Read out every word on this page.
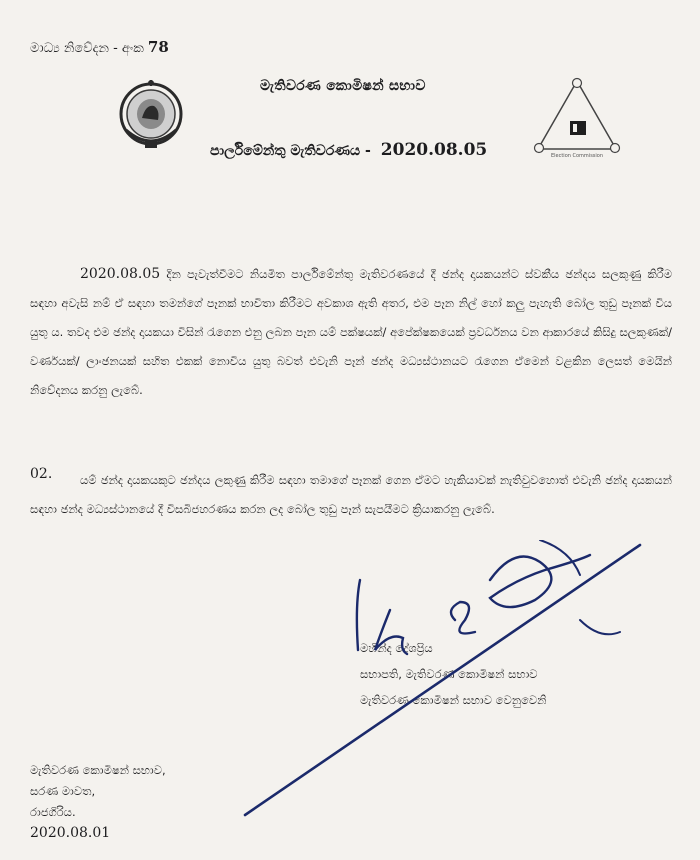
මාධ්‍ය නිවේදන - අංක 78
මැතිවරණ කොමිෂන් සභාව
Election Commission
පාර්ලිමේන්තු මැතිවරණය - 2020.08.05
2020.08.05 දින පැවැත්වීමට නියමිත පාර්ලිමේන්තු මැතිවරණයේ දී ඡන්ද දායකයන්ට ස්වකීය ඡන්දය සලකුණු කිරීම සඳහා අවැසි නම් ඒ සඳහා තමන්ගේ පෑනක් භාවිතා කිරීමට අවකාශ ඇති අතර, එම පෑන නිල් හෝ කලු පැහැති බෝල තුඩු පෑනක් විය යුතු ය. තවද එම ඡන්ද දායකයා විසින් රැගෙන එනු ලබන පෑන යම් පක්ෂයක්/ අපේක්ෂකයෙක් ප්‍රවර්ධනය වන ආකාරයේ කිසිදු සලකුණක්/ වර්ණයක්/ ලාංඡනයක් සහිත එකක් නොවිය යුතු බවත් එවැනි පෑන් ඡන්ද මධ්‍යස්ථානයට රැගෙන ඒමෙන් වළකින ලෙසත් මෙයින් නිවේදනය කරනු ලැබේ.
02.	යම් ඡන්ද දායකයකුට ඡන්දය ලකුණු කිරීම සඳහා තමාගේ පෑනක් ගෙන ඒමට හැකියාවක් නැතිවුවහොත් එවැනි ඡන්ද දායකයන් සඳහා ඡන්ද මධ්‍යස්ථානයේ දී විසබිජහරණය කරන ලද බෝල තුඩු පෑන් සැපයීමට ක්‍රියාකරනු ලැබේ.
මහින්ද දේශප්‍රිය
සභාපති, මැතිවරණ කොමිෂන් සභාව
මැතිවරණ කොමිෂන් සභාව වෙනුවෙනි
මැතිවරණ කොමිෂන් සභාව,
සරණ මාවත,
රාජගිරිය.
2020.08.01
